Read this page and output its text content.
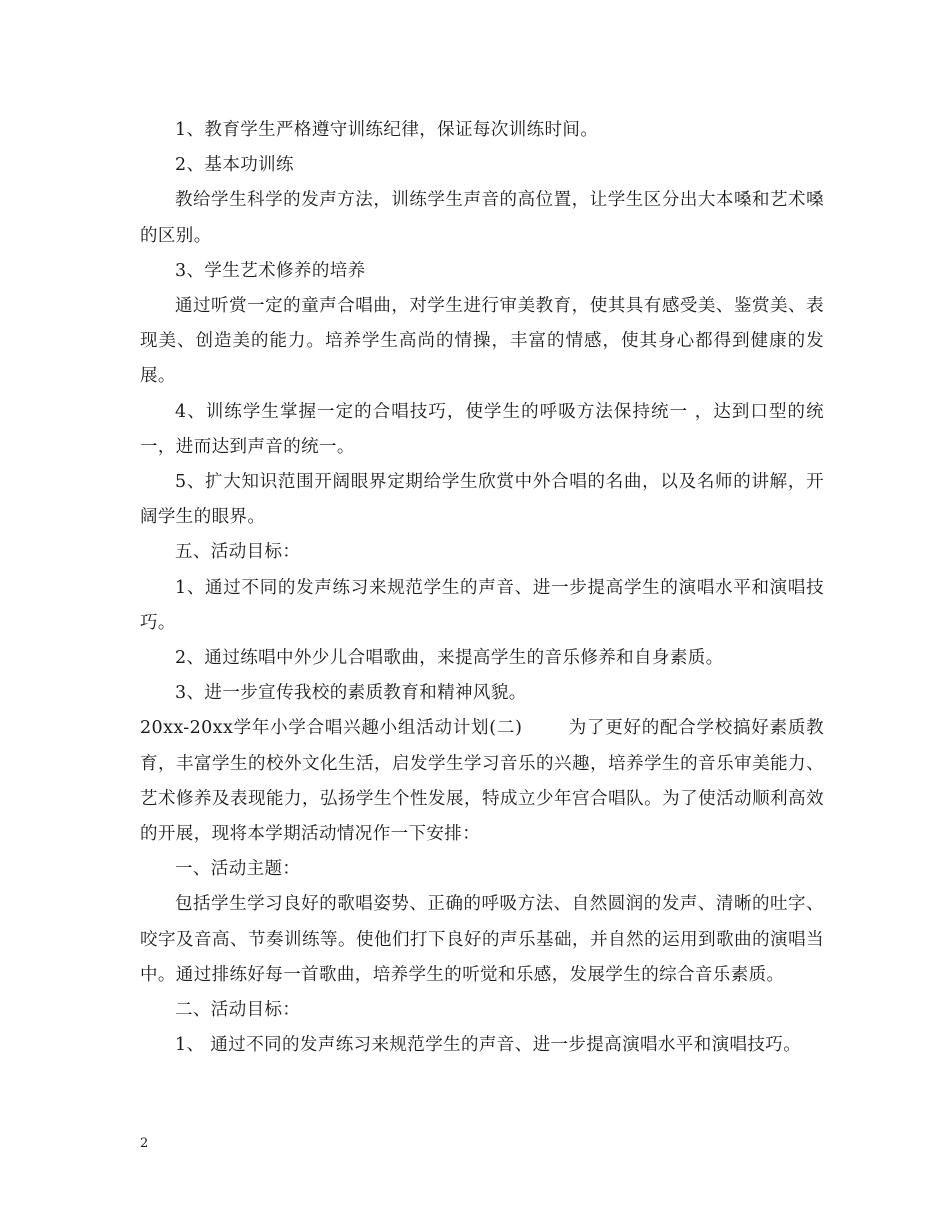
1、教育学生严格遵守训练纪律，保证每次训练时间。

2、基本功训练

教给学生科学的发声方法，训练学生声音的高位置，让学生区分出大本嗓和艺术嗓的区别。

3、学生艺术修养的培养

通过听赏一定的童声合唱曲，对学生进行审美教育，使其具有感受美、鉴赏美、表现美、创造美的能力。培养学生高尚的情操，丰富的情感，使其身心都得到健康的发展。

4、训练学生掌握一定的合唱技巧，使学生的呼吸方法保持统一 ，达到口型的统一，进而达到声音的统一。

5、扩大知识范围开阔眼界定期给学生欣赏中外合唱的名曲，以及名师的讲解，开阔学生的眼界。

五、活动目标：

1、通过不同的发声练习来规范学生的声音、进一步提高学生的演唱水平和演唱技巧。

2、通过练唱中外少儿合唱歌曲，来提高学生的音乐修养和自身素质。

3、进一步宣传我校的素质教育和精神风貌。

20xx-20xx学年小学合唱兴趣小组活动计划(二)	为了更好的配合学校搞好素质教育，丰富学生的校外文化生活，启发学生学习音乐的兴趣，培养学生的音乐审美能力、艺术修养及表现能力，弘扬学生个性发展，特成立少年宫合唱队。为了使活动顺利高效的开展，现将本学期活动情况作一下安排：

一、活动主题：

包括学生学习良好的歌唱姿势、正确的呼吸方法、自然圆润的发声、清晰的吐字、咬字及音高、节奏训练等。使他们打下良好的声乐基础，并自然的运用到歌曲的演唱当中。通过排练好每一首歌曲，培养学生的听觉和乐感，发展学生的综合音乐素质。

二、活动目标：

1、 通过不同的发声练习来规范学生的声音、进一步提高演唱水平和演唱技巧。

2
